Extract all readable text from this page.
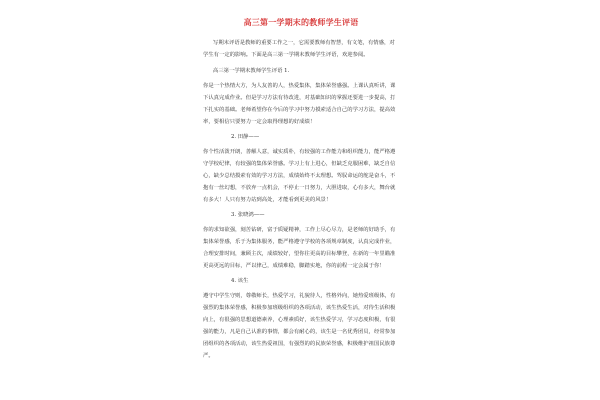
高三第一学期末的教师学生评语

写期末评语是教师的重要工作之一，它需要教师有智慧，有文笔，有情感，对学生有一定的影响。下面是高三第一学期末教师学生评语，欢迎参阅。

高三第一学期末教师学生评语 1.

你是一个热情大方，为人友善的人，热爱集体，集体荣誉感强。上课认真听讲，课下认真完成作业。但是学习方法有待改进，对基础知识的掌握还要进一步提高，打下扎实的基础。老师希望你在今后的学习中努力摸索适合自己的学习方法，提高效率，要相信只要努力一定会取得理想的好成绩！

2. 田静——

你个性活泼开朗，善解人意，诚实质朴，有较强的工作能力和组织能力，能严格遵守学校纪律，有较强的集体荣誉感。学习上有上进心，但缺乏克服困难，缺乏自信心，缺少总结摸索有效的学习方法，成绩始终不太理想。驾驭命运的舵是奋斗，不抱有一丝幻想，不放弃一点机会，不停止一日努力，大胆进取，心有多大，舞台就有多大！人只有努力站到高处，才能看到更美的风景！

3. 张晓鸿——

你的求知欲强，刻苦钻研，富于质疑精神，工作上尽心尽力，是老师的好助手，有集体荣誉感，乐于为集体服务，能严格遵守学校的各项规章制度，认真完成作业，合理安排时间，兼顾主次，成绩较好，望你往更高的目标攀登，在新的一年里瞄准更高更远的目标，严以律己，成绩难稳，脚踏实地，你的前程一定会属于你！

4. 该生

遵守中学生守则，尊敬师长，热爱学习，礼貌待人，性格外向，她热爱班级体，有强烈的集体荣誉感，积极参加班级组织的各项活动，该生热爱生活，对待生活积极向上，有很强的思想道德素养，心理素质好，该生热爱学习，学习态度积极，有很强的能力，凡是自己认准的事情，都会有耐心的，该生是一名优秀团员，经常参加团组织的各项活动，该生热爱祖国，有强烈的的民族荣誉感，积极维护祖国民族尊严。
